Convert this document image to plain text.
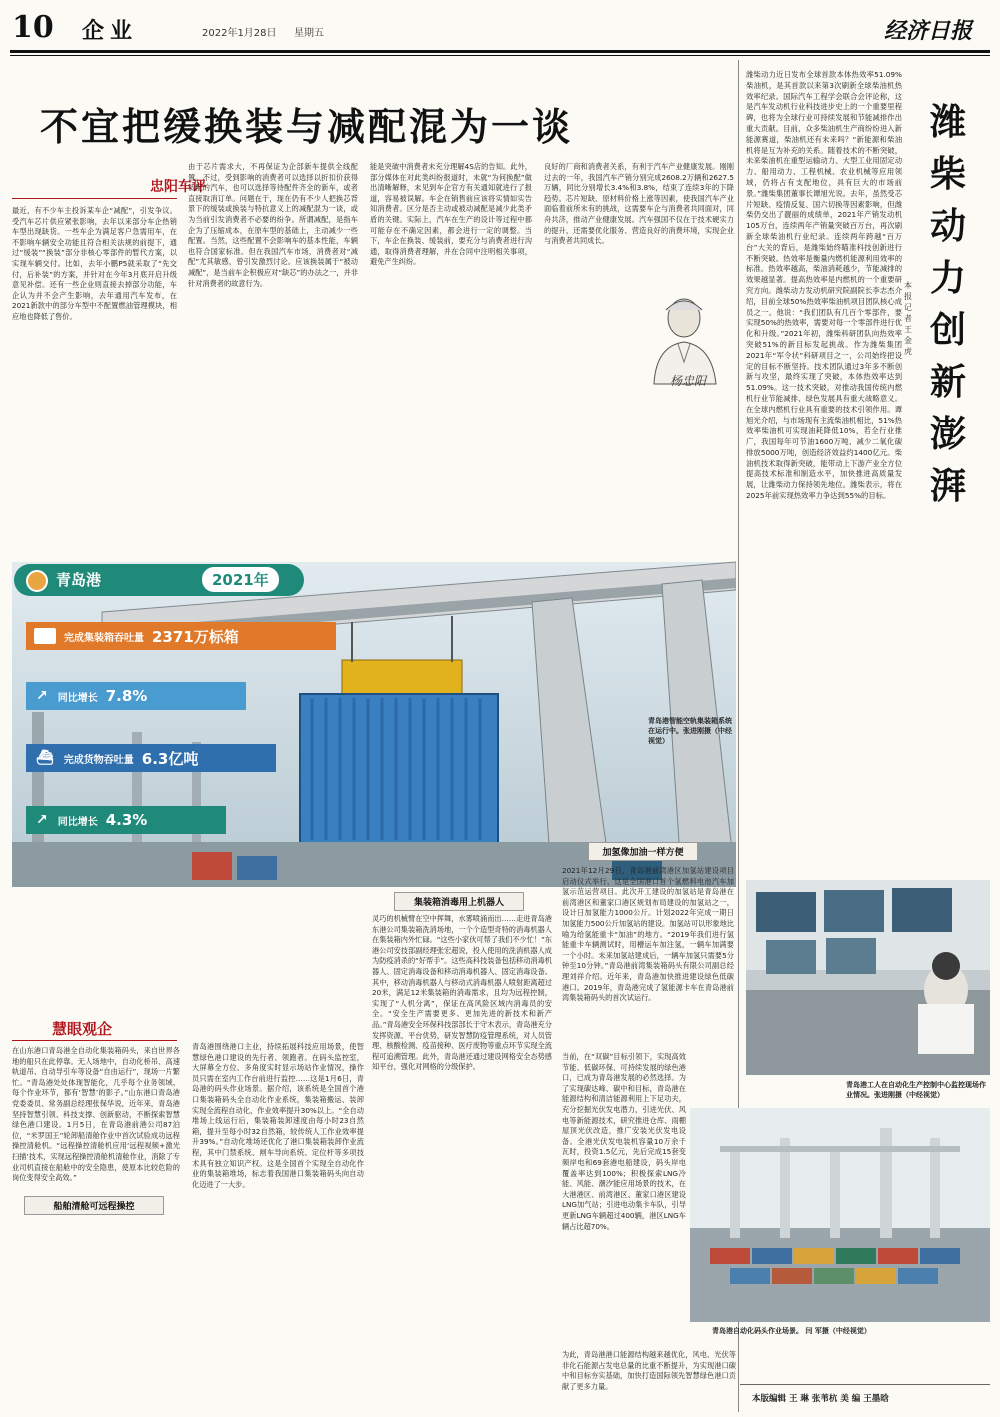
10 企业	2022年1月28日 星期五	经济日报
不宜把缓换装与减配混为一谈
忠阳车评
最近，有不少车主投诉某车企“减配”，引发争议。受汽车芯片供应紧张影响，去年以来部分车企热销车型出现缺货。一些车企为满足客户急需用车，在不影响车辆安全功能且符合相关法规的前提下，通过“缓装”“换装”部分非核心零部件的暂代方案，以实现车辆交付。比如，去年小鹏P5就采取了“先交付，后补装”的方案，并针对在今年3月底开启升级意见补偿。还有一些企业则直接去掉部分功能，车企认为并不会产生影响，去年通用汽车发布，在2021新款中的部分车型中不配置燃油管理模块，相应地也降低了售价。
由于芯片需求大，不再保证为企部新车提供全线配置。不过，受到影响的消费者可以选择以折扣价获得低配的汽车，也可以选择等待配件齐全的新车，或者直接取消订单。问题在于，现在仍有不少人把换芯背景下的缓装或换装与特抗意义上的减配混为一谈，或为当前引发消费者不必要的纷争。所谓减配，是指车企为了压缩成本，在原车型的基础上，主动减少一些配置。当然，这些配置不会影响车的基本性能，车辆也符合国家标准。但在我国汽车市场，消费者对“减配”尤其敏感，曾引发激烈讨论。应该换装属于“被动减配”，是当前车企积极应对“缺芯”的办法之一，并非针对消费者的故意行为。
能是突破中消费者未充分理解4S店的告知。此外，部分媒体在对此类纠纷报道时，未就“为何换配”做出清晰解释，未见到车企官方有关通知就进行了报道，容易被误解。车企在销售前应该将实情如实告知消费者。区分是否主动或被动减配是减少此类矛盾的关键。实际上，汽车在生产的设计等过程中都可能存在不确定因素，都会进行一定的调整。当下，车企在换装、缓装前，要充分与消费者进行沟通，取得消费者理解，并在合同中注明相关事项，避免产生纠纷。
良好的厂商和消费者关系，有利于汽车产业健康发展。刚刚过去的一年，我国汽车产销分别完成2608.2万辆和2627.5万辆，同比分别增长3.4%和3.8%，结束了连续3年的下降趋势。芯片短缺、原材料价格上涨等因素，使我国汽车产业面临着前所未有的挑战，这需要车企与消费者共同面对，同舟共济，推动产业健康发展。汽车强国不仅在于技术硬实力的提升，还需要优化服务、营造良好的消费环境，实现企业与消费者共同成长。
杨忠阳
潍柴动力近日发布全球首款本体热效率51.09%柴油机，是其首款以来第3次刷新全球柴油机热效率纪录。国际汽车工程学会联合会评论称，这是汽车发动机行业科技进步史上的一个重要里程碑，也将为全球行业可持续发展和节能减排作出重大贡献。目前，众多柴油机生产商纷纷进入新能源赛道，柴油机还有未来吗？“新能源和柴油机将是互为补充的关系。随着技术的不断突破，未来柴油机在重型运输动力、大型工业用固定动力、船用动力、工程机械、农业机械等应用领域，仍将占有支配地位，具有巨大的市场前景。”潍柴集团董事长谭旭光说。去年，虽然受芯片短缺、疫情反复、国六切换等因素影响，但潍柴仍交出了靓丽的成绩单，2021年产销发动机105万台，连续两年产销量突破百万台，再次刷新全球柴油机行业纪录。连续两年跨越“百万台”大关的背后，是潍柴始终瞄准科技创新进行不断突破。热效率是衡量内燃机能源利用效率的标准。热效率越高，柴油消耗越少，节能减排的效果越显著。提高热效率是内燃机的一个重要研究方向。潍柴动力发动机研究院副院长李志杰介绍，目前全球50%热效率柴油机项目团队核心成员之一。他说：“我们团队有几百个零部件，要实现50%的热效率，需要对每一个零部件进行优化和升级。”2021年初，潍柴科研团队向热效率突破51%的新目标发起挑战。作为潍柴集团2021年“军令状”科研项目之一，公司始终把设定的目标不断坚持。技术团队通过3年多不断创新与攻坚，最终实现了突破，本体热效率达到51.09%。这一技术突破，对推动我国传统内燃机行业节能减排、绿色发展具有重大战略意义。在全球内燃机行业具有重要的技术引领作用。谭旭光介绍，与市场现有主流柴油机相比，51%热效率柴油机可实现油耗降低10%，若全行业推广，我国每年可节油1600万吨、减少二氧化碳排放5000万吨，创造经济效益约1400亿元。柴油机技术取得新突破，能带动上下游产业全方位提高技术标准和制造水平，加快推进高质量发展，让潍柴动力保持领先地位。潍柴表示，将在2025年前实现热效率力争达到55%的目标。
潍柴动力创新澎湃
本报记者 王金虎
青岛港	2021年
完成集装箱吞吐量 2371万标箱
↗ 同比增长 7.8%
⛴ 完成货物吞吐量 6.3亿吨
↗ 同比增长 4.3%
青岛港智能空轨集装箱系统在运行中。张进刚摄（中经视觉）
慧眼观企
在山东港口青岛港全自动化集装箱码头，来自世界各地的船只在此停靠。无人场地中，自动化桥吊、高速轨道吊、自动导引车等设备“自由运行”，现场一片繁忙。“青岛港处处体现智能化，几乎每个业务领域、每个作业环节，都有‘智慧’的影子。”山东港口青岛港党委委员、常务副总经理张保华说，近年来，青岛港坚持智慧引领、科技支撑、创新驱动，不断探索智慧绿色港口建设。1月5日，在青岛港前港公司87泊位，“米罗国王”轮卸船清舱作业中首次试验成功远程操控清舱机。“远程操控清舱机应用‘远程视频+激光扫描’技术，实现远程操控清舱机清舱作业，消除了专业司机直接在船舱中的安全隐患，使原本比较危险的岗位变得安全高效。”
船舶清舱可远程操控
青岛港围绕港口主业，持续拓展科技应用场景，使智慧绿色港口建设的先行者、领跑者。在码头监控室，大屏幕全方位、多角度实时显示场站作业情况，操作员只需在室内工作台前进行监控……这是1月6日，青岛港的码头作业场景。据介绍，该系统是全国首个港口集装箱码头全自动化作业系统，集装箱搬运、装卸实现全流程自动化，作业效率提升30%以上。“全自动堆场上线运行后，集装箱装卸速度由每小时23自然箱，提升至每小时32自然箱，较传统人工作业效率提升39%。”自动化堆场还优化了港口集装箱装卸作业流程，其中门禁系统、闸车导向系统、定位杆等多项技术具有独立知识产权。这是全国首个实现全自动化作业的集装箱堆场，标志着我国港口集装箱码头向自动化迈进了一大步。
集装箱消毒用上机器人
灵巧的机械臂在空中挥舞，水雾喷涌而出……走进青岛港东港公司集装箱洗消场地，一个个造型奇特的消毒机器人在集装箱内外忙碌。“这些小家伙可帮了我们不少忙！”东港公司安技部副经理张宏超说，投入使用的洗消机器人成为防疫消杀的“好帮手”。这些高科技装备包括移动消毒机器人、固定消毒设备和移动消毒机器人、固定消毒设备。其中，移动消毒机器人与移动式消毒机器人喷射距离超过20米，满足12米集装箱的消毒需求，且均为远程控制，实现了“人机分离”，保证在高风险区域内消毒员的安全。“安全生产需要更多、更加先进的新技术和新产品。”青岛港安全环保科技部部长于守木表示，青岛港充分发挥资源、平台优势，研发智慧防疫管理系统，对人员管理、核酸检测、疫苗接种、医疗废物等重点环节实现全流程可追溯管理。此外，青岛港还通过建设网格安全态势感知平台，强化对网格的分级保护。
加氢像加油一样方便
2021年12月29日，青岛港前湾港区加氢站建设项目启动仪式举行，这是全国港口首个氢燃料电池汽车加氢示范运营项目。此次开工建设的加氢站是青岛港在前湾港区和董家口港区规划布局建设的加氢站之一，设计日加氢能力1000公斤。计划2022年完成一期日加氢能力500公斤加氢站的建设。加氢站可以形象地比喻为给氢能重卡“加油”的地方。“2019年我们进行氢能重卡车辆测试时，用槽运车加注氢，一辆车加满要一个小时。未来加氢站建成后，一辆车加氢只需要5分钟至10分钟。”青岛港前湾集装箱码头有限公司副总经理刘祥介绍。近年来，青岛港加快推进建设绿色低碳港口。2019年，青岛港完成了氢能源卡车在青岛港前湾集装箱码头的首次试运行。
当前，在“双碳”目标引领下，实现高效节能、低碳环保、可持续发展的绿色港口，已成为青岛港发展的必然选择。为了实现碳达峰、碳中和目标，青岛港在能源结构和清洁能源利用上下足功夫，充分挖掘光伏发电潜力，引进光伏、风电等新能源技术，研究推进仓库、雨棚屋顶光伏改造，推广安装光伏发电设备。全港光伏发电装机容量10万余千瓦时，投资1.5亿元，先后完成15套变频岸电和69套港电船建设，码头岸电覆盖率达到100%；积极探索LNG冷能、风能、潮汐能应用场景的技术，在大港港区、前湾港区、董家口港区建设LNG加气站；引进电动集卡车队，引导更新LNG车辆超过400辆，港区LNG车辆占比超70%。
为此，青岛港港口能源结构越来越优化，风电、光伏等非化石能源占发电总量的比重不断提升，为实现港口碳中和目标夯实基础，加快打造国际领先智慧绿色港口贡献了更多力量。
青岛港工人在自动化生产控制中心监控现场作业情况。张进刚摄（中经视觉）
青岛港自动化码头作业场景。 闫 军摄（中经视觉）
本版编辑 王 琳 张苇杭 美 编 王墨晗
